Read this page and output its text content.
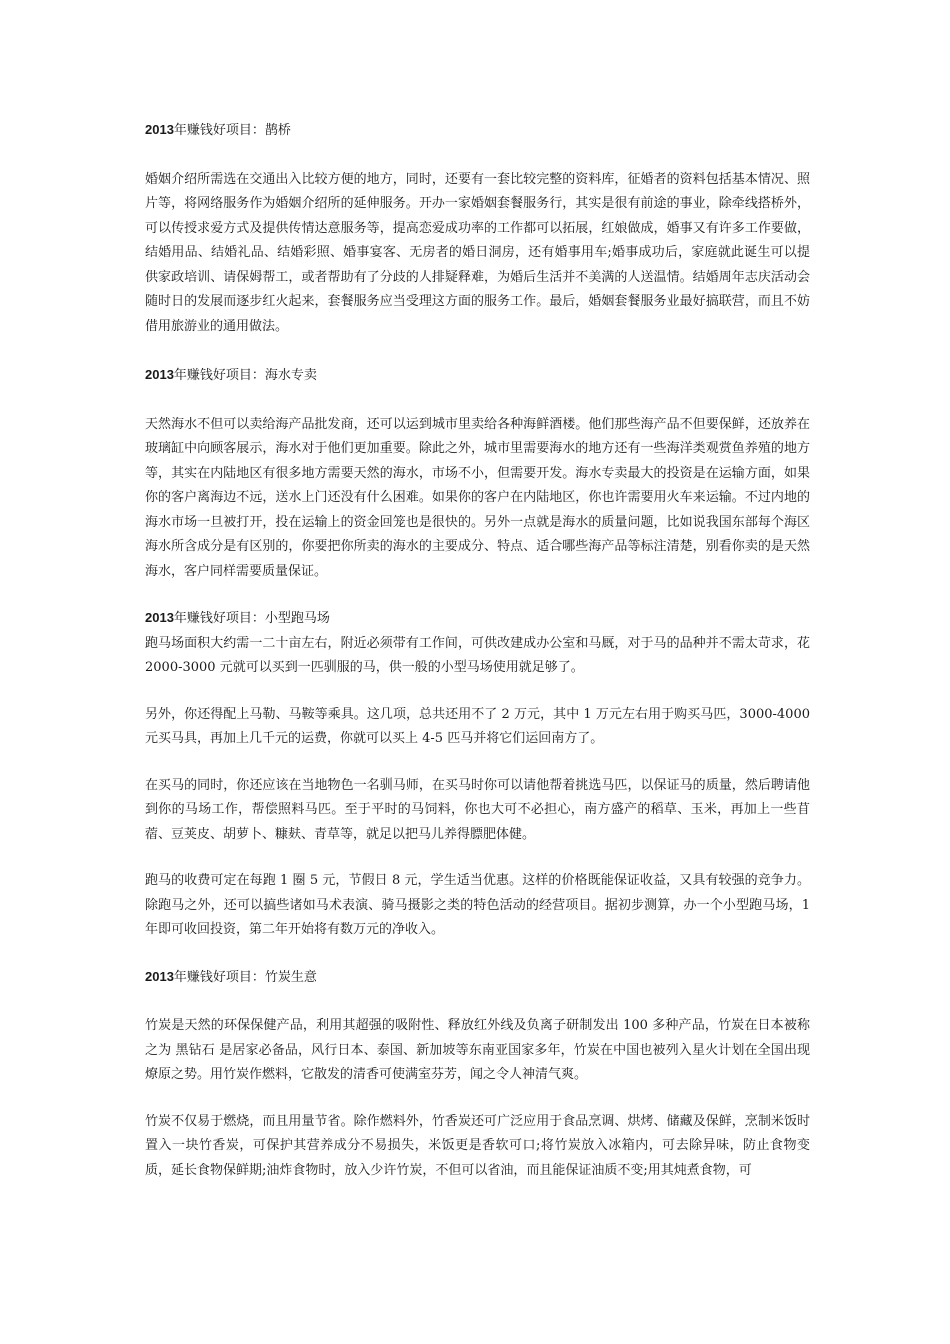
2013年赚钱好项目：鹊桥

婚姻介绍所需选在交通出入比较方便的地方，同时，还要有一套比较完整的资料库，征婚者的资料包括基本情况、照片等，将网络服务作为婚姻介绍所的延伸服务。开办一家婚姻套餐服务行，其实是很有前途的事业，除牵线搭桥外，可以传授求爱方式及提供传情达意服务等，提高恋爱成功率的工作都可以拓展，红娘做成，婚事又有许多工作要做，结婚用品、结婚礼品、结婚彩照、婚事宴客、无房者的婚日洞房，还有婚事用车;婚事成功后，家庭就此诞生可以提供家政培训、请保姆帮工，或者帮助有了分歧的人排疑释难，为婚后生活并不美满的人送温情。结婚周年志庆活动会随时日的发展而逐步红火起来，套餐服务应当受理这方面的服务工作。最后，婚姻套餐服务业最好搞联营，而且不妨借用旅游业的通用做法。

2013年赚钱好项目：海水专卖

天然海水不但可以卖给海产品批发商，还可以运到城市里卖给各种海鲜酒楼。他们那些海产品不但要保鲜，还放养在玻璃缸中向顾客展示，海水对于他们更加重要。除此之外，城市里需要海水的地方还有一些海洋类观赏鱼养殖的地方等，其实在内陆地区有很多地方需要天然的海水，市场不小，但需要开发。海水专卖最大的投资是在运输方面，如果你的客户离海边不远，送水上门还没有什么困难。如果你的客户在内陆地区，你也许需要用火车来运输。不过内地的海水市场一旦被打开，投在运输上的资金回笼也是很快的。另外一点就是海水的质量问题，比如说我国东部每个海区海水所含成分是有区别的，你要把你所卖的海水的主要成分、特点、适合哪些海产品等标注清楚，别看你卖的是天然海水，客户同样需要质量保证。

2013年赚钱好项目：小型跑马场

跑马场面积大约需一二十亩左右，附近必须带有工作间，可供改建成办公室和马厩，对于马的品种并不需太苛求，花 2000-3000 元就可以买到一匹驯服的马，供一般的小型马场使用就足够了。

另外，你还得配上马勒、马鞍等乘具。这几项，总共还用不了 2 万元，其中 1 万元左右用于购买马匹，3000-4000元买马具，再加上几千元的运费，你就可以买上 4-5 匹马并将它们运回南方了。

在买马的同时，你还应该在当地物色一名驯马师，在买马时你可以请他帮着挑选马匹，以保证马的质量，然后聘请他到你的马场工作，帮偿照料马匹。至于平时的马饲料，你也大可不必担心，南方盛产的稻草、玉米，再加上一些苜蓿、豆荚皮、胡萝卜、糠麸、青草等，就足以把马儿养得膘肥体健。

跑马的收费可定在每跑 1 圈 5 元，节假日 8 元，学生适当优惠。这样的价格既能保证收益，又具有较强的竞争力。除跑马之外，还可以搞些诸如马术表演、骑马摄影之类的特色活动的经营项目。据初步测算，办一个小型跑马场，1 年即可收回投资，第二年开始将有数万元的净收入。

2013年赚钱好项目：竹炭生意

竹炭是天然的环保保健产品，利用其超强的吸附性、释放红外线及负离子研制发出 100 多种产品，竹炭在日本被称之为 黑钻石 是居家必备品，风行日本、泰国、新加坡等东南亚国家多年，竹炭在中国也被列入星火计划在全国出现燎原之势。用竹炭作燃料，它散发的清香可使满室芬芳，闻之令人神清气爽。

竹炭不仅易于燃烧，而且用量节省。除作燃料外，竹香炭还可广泛应用于食品烹调、烘烤、储藏及保鲜，烹制米饭时置入一块竹香炭，可保护其营养成分不易损失，米饭更是香软可口;将竹炭放入冰箱内，可去除异味，防止食物变质，延长食物保鲜期;油炸食物时，放入少许竹炭，不但可以省油，而且能保证油质不变;用其炖煮食物，可
